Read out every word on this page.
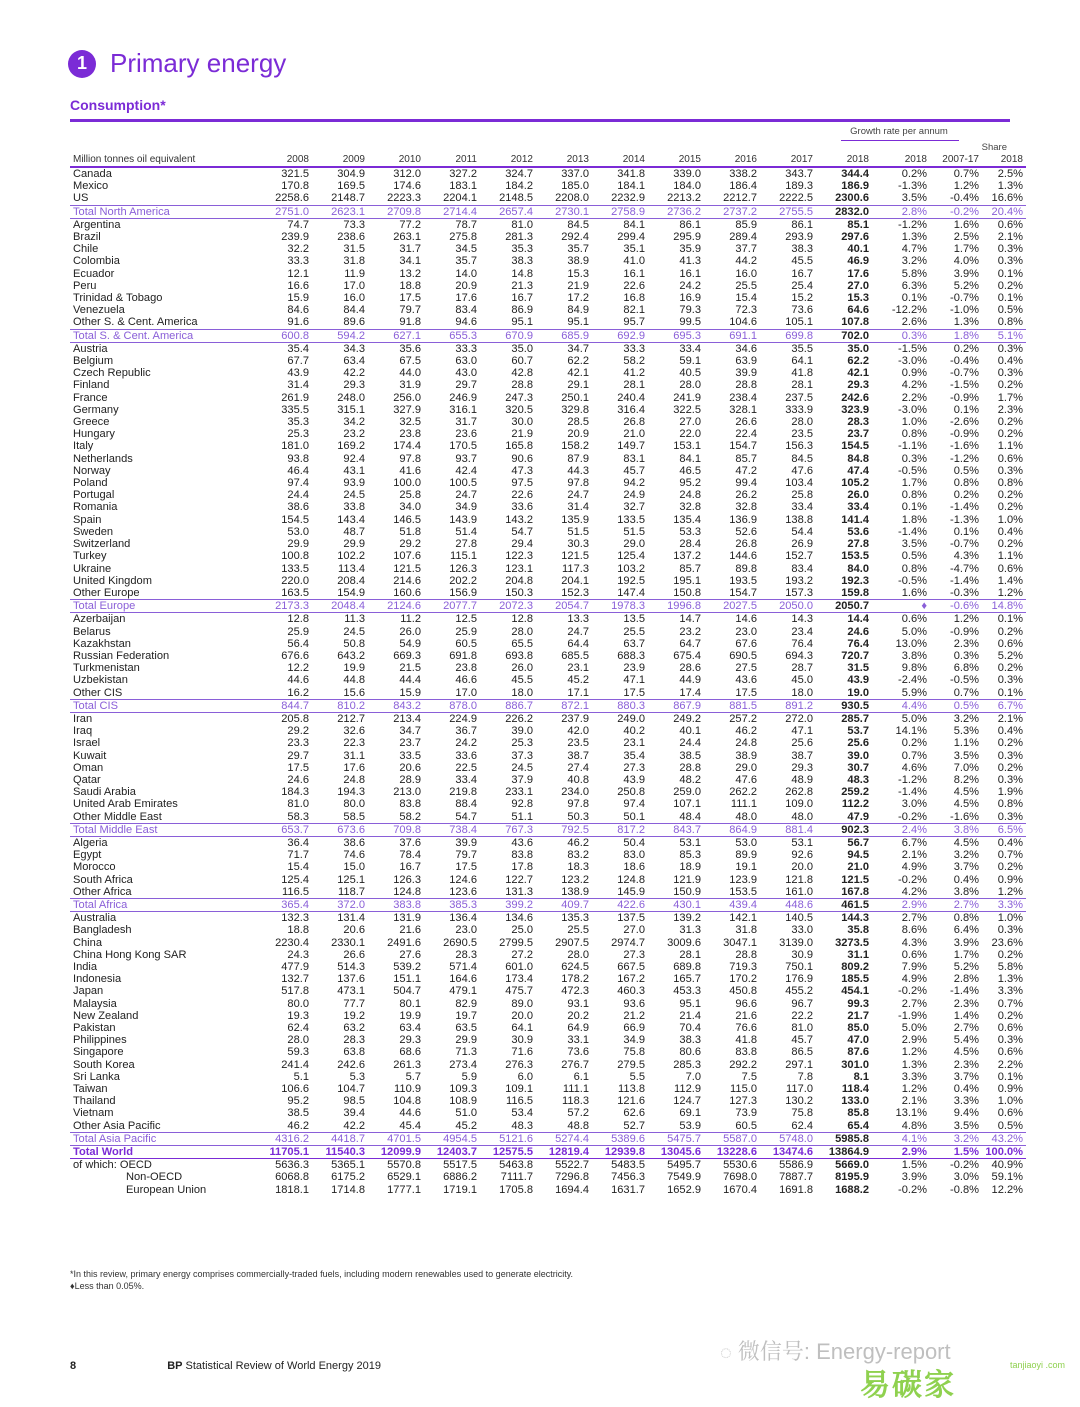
1 Primary energy
Consumption*
Growth rate per annum
Share
Million tonnes oil equivalent	2008	2009	2010	2011	2012	2013	2014	2015	2016	2017	2018	2018	2007-17	2018
Canada	321.5	304.9	312.0	327.2	324.7	337.0	341.8	339.0	338.2	343.7	344.4	0.2%	0.7%	2.5%
Mexico	170.8	169.5	174.6	183.1	184.2	185.0	184.1	184.0	186.4	189.3	186.9	-1.3%	1.2%	1.3%
US	2258.6	2148.7	2223.3	2204.1	2148.5	2208.0	2232.9	2213.2	2212.7	2222.5	2300.6	3.5%	-0.4%	16.6%
Total North America	2751.0	2623.1	2709.8	2714.4	2657.4	2730.1	2758.9	2736.2	2737.2	2755.5	2832.0	2.8%	-0.2%	20.4%
Argentina	74.7	73.3	77.2	78.7	81.0	84.5	84.1	86.1	85.9	86.1	85.1	-1.2%	1.6%	0.6%
Brazil	239.9	238.6	263.1	275.8	281.3	292.4	299.4	295.9	289.4	293.9	297.6	1.3%	2.5%	2.1%
Chile	32.2	31.5	31.7	34.5	35.3	35.7	35.1	35.9	37.7	38.3	40.1	4.7%	1.7%	0.3%
Colombia	33.3	31.8	34.1	35.7	38.3	38.9	41.0	41.3	44.2	45.5	46.9	3.2%	4.0%	0.3%
Ecuador	12.1	11.9	13.2	14.0	14.8	15.3	16.1	16.1	16.0	16.7	17.6	5.8%	3.9%	0.1%
Peru	16.6	17.0	18.8	20.9	21.3	21.9	22.6	24.2	25.5	25.4	27.0	6.3%	5.2%	0.2%
Trinidad & Tobago	15.9	16.0	17.5	17.6	16.7	17.2	16.8	16.9	15.4	15.2	15.3	0.1%	-0.7%	0.1%
Venezuela	84.6	84.4	79.7	83.4	86.9	84.9	82.1	79.3	72.3	73.6	64.6	-12.2%	-1.0%	0.5%
Other S. & Cent. America	91.6	89.6	91.8	94.6	95.1	95.1	95.7	99.5	104.6	105.1	107.8	2.6%	1.3%	0.8%
Total S. & Cent. America	600.8	594.2	627.1	655.3	670.9	685.9	692.9	695.3	691.1	699.8	702.0	0.3%	1.8%	5.1%
Austria	35.4	34.3	35.6	33.3	35.0	34.7	33.3	33.4	34.6	35.5	35.0	-1.5%	0.2%	0.3%
Belgium	67.7	63.4	67.5	63.0	60.7	62.2	58.2	59.1	63.9	64.1	62.2	-3.0%	-0.4%	0.4%
Czech Republic	43.9	42.2	44.0	43.0	42.8	42.1	41.2	40.5	39.9	41.8	42.1	0.9%	-0.7%	0.3%
Finland	31.4	29.3	31.9	29.7	28.8	29.1	28.1	28.0	28.8	28.1	29.3	4.2%	-1.5%	0.2%
France	261.9	248.0	256.0	246.9	247.3	250.1	240.4	241.9	238.4	237.5	242.6	2.2%	-0.9%	1.7%
Germany	335.5	315.1	327.9	316.1	320.5	329.8	316.4	322.5	328.1	333.9	323.9	-3.0%	0.1%	2.3%
Greece	35.3	34.2	32.5	31.7	30.0	28.5	26.8	27.0	26.6	28.0	28.3	1.0%	-2.6%	0.2%
Hungary	25.3	23.2	23.8	23.6	21.9	20.9	21.0	22.0	22.4	23.5	23.7	0.8%	-0.9%	0.2%
Italy	181.0	169.2	174.4	170.5	165.8	158.2	149.7	153.1	154.7	156.3	154.5	-1.1%	-1.6%	1.1%
Netherlands	93.8	92.4	97.8	93.7	90.6	87.9	83.1	84.1	85.7	84.5	84.8	0.3%	-1.2%	0.6%
Norway	46.4	43.1	41.6	42.4	47.3	44.3	45.7	46.5	47.2	47.6	47.4	-0.5%	0.5%	0.3%
Poland	97.4	93.9	100.0	100.5	97.5	97.8	94.2	95.2	99.4	103.4	105.2	1.7%	0.8%	0.8%
Portugal	24.4	24.5	25.8	24.7	22.6	24.7	24.9	24.8	26.2	25.8	26.0	0.8%	0.2%	0.2%
Romania	38.6	33.8	34.0	34.9	33.6	31.4	32.7	32.8	32.8	33.4	33.4	0.1%	-1.4%	0.2%
Spain	154.5	143.4	146.5	143.9	143.2	135.9	133.5	135.4	136.9	138.8	141.4	1.8%	-1.3%	1.0%
Sweden	53.0	48.7	51.8	51.4	54.7	51.5	51.5	53.3	52.6	54.4	53.6	-1.4%	0.1%	0.4%
Switzerland	29.9	29.9	29.2	27.8	29.4	30.3	29.0	28.4	26.8	26.9	27.8	3.5%	-0.7%	0.2%
Turkey	100.8	102.2	107.6	115.1	122.3	121.5	125.4	137.2	144.6	152.7	153.5	0.5%	4.3%	1.1%
Ukraine	133.5	113.4	121.5	126.3	123.1	117.3	103.2	85.7	89.8	83.4	84.0	0.8%	-4.7%	0.6%
United Kingdom	220.0	208.4	214.6	202.2	204.8	204.1	192.5	195.1	193.5	193.2	192.3	-0.5%	-1.4%	1.4%
Other Europe	163.5	154.9	160.6	156.9	150.3	152.3	147.4	150.8	154.7	157.3	159.8	1.6%	-0.3%	1.2%
Total Europe	2173.3	2048.4	2124.6	2077.7	2072.3	2054.7	1978.3	1996.8	2027.5	2050.0	2050.7	♦	-0.6%	14.8%
Azerbaijan	12.8	11.3	11.2	12.5	12.8	13.3	13.5	14.7	14.6	14.3	14.4	0.6%	1.2%	0.1%
Belarus	25.9	24.5	26.0	25.9	28.0	24.7	25.5	23.2	23.0	23.4	24.6	5.0%	-0.9%	0.2%
Kazakhstan	56.4	50.8	54.9	60.5	65.5	64.4	63.7	64.7	67.6	76.4	76.4	13.0%	2.3%	0.6%
Russian Federation	676.6	643.2	669.3	691.8	693.8	685.5	688.3	675.4	690.5	694.3	720.7	3.8%	0.3%	5.2%
Turkmenistan	12.2	19.9	21.5	23.8	26.0	23.1	23.9	28.6	27.5	28.7	31.5	9.8%	6.8%	0.2%
Uzbekistan	44.6	44.8	44.4	46.6	45.5	45.2	47.1	44.9	43.6	45.0	43.9	-2.4%	-0.5%	0.3%
Other CIS	16.2	15.6	15.9	17.0	18.0	17.1	17.5	17.4	17.5	18.0	19.0	5.9%	0.7%	0.1%
Total CIS	844.7	810.2	843.2	878.0	886.7	872.1	880.3	867.9	881.5	891.2	930.5	4.4%	0.5%	6.7%
Iran	205.8	212.7	213.4	224.9	226.2	237.9	249.0	249.2	257.2	272.0	285.7	5.0%	3.2%	2.1%
Iraq	29.2	32.6	34.7	36.7	39.0	42.0	40.2	40.1	46.2	47.1	53.7	14.1%	5.3%	0.4%
Israel	23.3	22.3	23.7	24.2	25.3	23.5	23.1	24.4	24.8	25.6	25.6	0.2%	1.1%	0.2%
Kuwait	29.7	31.1	33.5	33.6	37.3	38.7	35.4	38.5	38.9	38.7	39.0	0.7%	3.5%	0.3%
Oman	17.5	17.6	20.6	22.5	24.5	27.4	27.3	28.8	29.0	29.3	30.7	4.6%	7.0%	0.2%
Qatar	24.6	24.8	28.9	33.4	37.9	40.8	43.9	48.2	47.6	48.9	48.3	-1.2%	8.2%	0.3%
Saudi Arabia	184.3	194.3	213.0	219.8	233.1	234.0	250.8	259.0	262.2	262.8	259.2	-1.4%	4.5%	1.9%
United Arab Emirates	81.0	80.0	83.8	88.4	92.8	97.8	97.4	107.1	111.1	109.0	112.2	3.0%	4.5%	0.8%
Other Middle East	58.3	58.5	58.2	54.7	51.1	50.3	50.1	48.4	48.0	48.0	47.9	-0.2%	-1.6%	0.3%
Total Middle East	653.7	673.6	709.8	738.4	767.3	792.5	817.2	843.7	864.9	881.4	902.3	2.4%	3.8%	6.5%
Algeria	36.4	38.6	37.6	39.9	43.6	46.2	50.4	53.1	53.0	53.1	56.7	6.7%	4.5%	0.4%
Egypt	71.7	74.6	78.4	79.7	83.8	83.2	83.0	85.3	89.9	92.6	94.5	2.1%	3.2%	0.7%
Morocco	15.4	15.0	16.7	17.5	17.8	18.3	18.6	18.9	19.1	20.0	21.0	4.9%	3.7%	0.2%
South Africa	125.4	125.1	126.3	124.6	122.7	123.2	124.8	121.9	123.9	121.8	121.5	-0.2%	0.4%	0.9%
Other Africa	116.5	118.7	124.8	123.6	131.3	138.9	145.9	150.9	153.5	161.0	167.8	4.2%	3.8%	1.2%
Total Africa	365.4	372.0	383.8	385.3	399.2	409.7	422.6	430.1	439.4	448.6	461.5	2.9%	2.7%	3.3%
Australia	132.3	131.4	131.9	136.4	134.6	135.3	137.5	139.2	142.1	140.5	144.3	2.7%	0.8%	1.0%
Bangladesh	18.8	20.6	21.6	23.0	25.0	25.5	27.0	31.3	31.8	33.0	35.8	8.6%	6.4%	0.3%
China	2230.4	2330.1	2491.6	2690.5	2799.5	2907.5	2974.7	3009.6	3047.1	3139.0	3273.5	4.3%	3.9%	23.6%
China Hong Kong SAR	24.3	26.6	27.6	28.3	27.2	28.0	27.3	28.1	28.8	30.9	31.1	0.6%	1.7%	0.2%
India	477.9	514.3	539.2	571.4	601.0	624.5	667.5	689.8	719.3	750.1	809.2	7.9%	5.2%	5.8%
Indonesia	132.7	137.6	151.1	164.6	173.4	178.2	167.2	165.7	170.2	176.9	185.5	4.9%	2.8%	1.3%
Japan	517.8	473.1	504.7	479.1	475.7	472.3	460.3	453.3	450.8	455.2	454.1	-0.2%	-1.4%	3.3%
Malaysia	80.0	77.7	80.1	82.9	89.0	93.1	93.6	95.1	96.6	96.7	99.3	2.7%	2.3%	0.7%
New Zealand	19.3	19.2	19.9	19.7	20.0	20.2	21.2	21.4	21.6	22.2	21.7	-1.9%	1.4%	0.2%
Pakistan	62.4	63.2	63.4	63.5	64.1	64.9	66.9	70.4	76.6	81.0	85.0	5.0%	2.7%	0.6%
Philippines	28.0	28.3	29.3	29.9	30.9	33.1	34.9	38.3	41.8	45.7	47.0	2.9%	5.4%	0.3%
Singapore	59.3	63.8	68.6	71.3	71.6	73.6	75.8	80.6	83.8	86.5	87.6	1.2%	4.5%	0.6%
South Korea	241.4	242.6	261.3	273.4	276.3	276.7	279.5	285.3	292.2	297.1	301.0	1.3%	2.3%	2.2%
Sri Lanka	5.1	5.3	5.7	5.9	6.0	6.1	5.5	7.0	7.5	7.8	8.1	3.3%	3.7%	0.1%
Taiwan	106.6	104.7	110.9	109.3	109.1	111.1	113.8	112.9	115.0	117.0	118.4	1.2%	0.4%	0.9%
Thailand	95.2	98.5	104.8	108.9	116.5	118.3	121.6	124.7	127.3	130.2	133.0	2.1%	3.3%	1.0%
Vietnam	38.5	39.4	44.6	51.0	53.4	57.2	62.6	69.1	73.9	75.8	85.8	13.1%	9.4%	0.6%
Other Asia Pacific	46.2	42.2	45.4	45.2	48.3	48.8	52.7	53.9	60.5	62.4	65.4	4.8%	3.5%	0.5%
Total Asia Pacific	4316.2	4418.7	4701.5	4954.5	5121.6	5274.4	5389.6	5475.7	5587.0	5748.0	5985.8	4.1%	3.2%	43.2%
Total World	11705.1	11540.3	12099.9	12403.7	12575.5	12819.4	12939.8	13045.6	13228.6	13474.6	13864.9	2.9%	1.5%	100.0%
of which: OECD	5636.3	5365.1	5570.8	5517.5	5463.8	5522.7	5483.5	5495.7	5530.6	5586.9	5669.0	1.5%	-0.2%	40.9%
Non-OECD	6068.8	6175.2	6529.1	6886.2	7111.7	7296.8	7456.3	7549.9	7698.0	7887.7	8195.9	3.9%	3.0%	59.1%
European Union	1818.1	1714.8	1777.1	1719.1	1705.8	1694.4	1631.7	1652.9	1670.4	1691.8	1688.2	-0.2%	-0.8%	12.2%
*In this review, primary energy comprises commercially-traded fuels, including modern renewables used to generate electricity.
♦Less than 0.05%.
8	BP Statistical Review of World Energy 2019
◌ 微信号: Energy-report
易碳家
tanjiaoyi .com
